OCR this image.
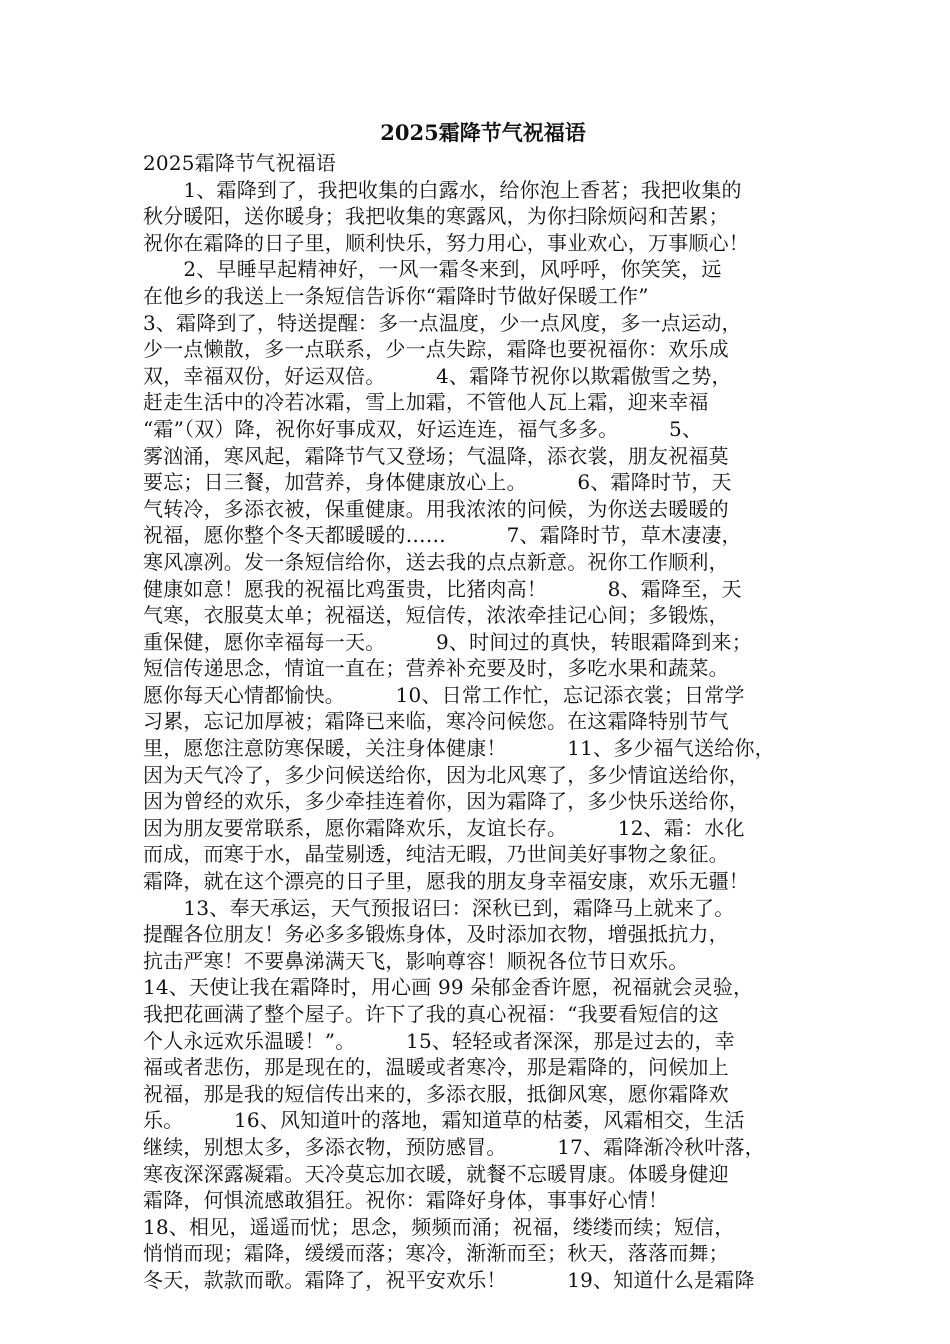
2025霜降节气祝福语
2025霜降节气祝福语
　　1、霜降到了，我把收集的白露水，给你泡上香茗；我把收集的
秋分暖阳，送你暖身；我把收集的寒露风，为你扫除烦闷和苦累；
祝你在霜降的日子里，顺利快乐，努力用心，事业欢心，万事顺心！
　　2、早睡早起精神好，一风一霜冬来到，风呼呼，你笑笑，远
在他乡的我送上一条短信告诉你“霜降时节做好保暖工作”
3、霜降到了，特送提醒：多一点温度，少一点风度，多一点运动，
少一点懒散，多一点联系，少一点失踪，霜降也要祝福你：欢乐成
双，幸福双份，好运双倍。　　　4、霜降节祝你以欺霜傲雪之势，
赶走生活中的冷若冰霜，雪上加霜，不管他人瓦上霜，迎来幸福
“霜”（双）降，祝你好事成双，好运连连，福气多多。　　　5、
雾汹涌，寒风起，霜降节气又登场；气温降，添衣裳，朋友祝福莫
要忘；日三餐，加营养，身体健康放心上。　　　6、霜降时节，天
气转冷，多添衣被，保重健康。用我浓浓的问候，为你送去暖暖的
祝福，愿你整个冬天都暖暖的……　　　7、霜降时节，草木凄凄，
寒风凛冽。发一条短信给你，送去我的点点新意。祝你工作顺利，
健康如意！愿我的祝福比鸡蛋贵，比猪肉高！　　　8、霜降至，天
气寒，衣服莫太单；祝福送，短信传，浓浓牵挂记心间；多锻炼，
重保健，愿你幸福每一天。　　　9、时间过的真快，转眼霜降到来；
短信传递思念，情谊一直在；营养补充要及时，多吃水果和蔬菜。
愿你每天心情都愉快。　　　10、日常工作忙，忘记添衣裳；日常学
习累，忘记加厚被；霜降已来临，寒冷问候您。在这霜降特别节气
里，愿您注意防寒保暖，关注身体健康！　　　11、多少福气送给你，
因为天气冷了，多少问候送给你，因为北风寒了，多少情谊送给你，
因为曾经的欢乐，多少牵挂连着你，因为霜降了，多少快乐送给你，
因为朋友要常联系，愿你霜降欢乐，友谊长存。　　　12、霜：水化
而成，而寒于水，晶莹剔透，纯洁无暇，乃世间美好事物之象征。
霜降，就在这个漂亮的日子里，愿我的朋友身幸福安康，欢乐无疆！
　　13、奉天承运，天气预报诏曰：深秋已到，霜降马上就来了。
提醒各位朋友！务必多多锻炼身体，及时添加衣物，增强抵抗力，
抗击严寒！不要鼻涕满天飞，影响尊容！顺祝各位节日欢乐。
14、天使让我在霜降时，用心画 99 朵郁金香许愿，祝福就会灵验，
我把花画满了整个屋子。许下了我的真心祝福：“我要看短信的这
个人永远欢乐温暖！”。　　　15、轻轻或者深深，那是过去的，幸
福或者悲伤，那是现在的，温暖或者寒冷，那是霜降的，问候加上
祝福，那是我的短信传出来的，多添衣服，抵御风寒，愿你霜降欢
乐。　　　16、风知道叶的落地，霜知道草的枯萎，风霜相交，生活
继续，别想太多，多添衣物，预防感冒。　　　17、霜降渐冷秋叶落，
寒夜深深露凝霜。天冷莫忘加衣暖，就餐不忘暖胃康。体暖身健迎
霜降，何惧流感敢猖狂。祝你：霜降好身体，事事好心情！
18、相见，遥遥而忧；思念，频频而涌；祝福，缕缕而续；短信，
悄悄而现；霜降，缓缓而落；寒冷，渐渐而至；秋天，落落而舞；
冬天，款款而歌。霜降了，祝平安欢乐！　　　19、知道什么是霜降
